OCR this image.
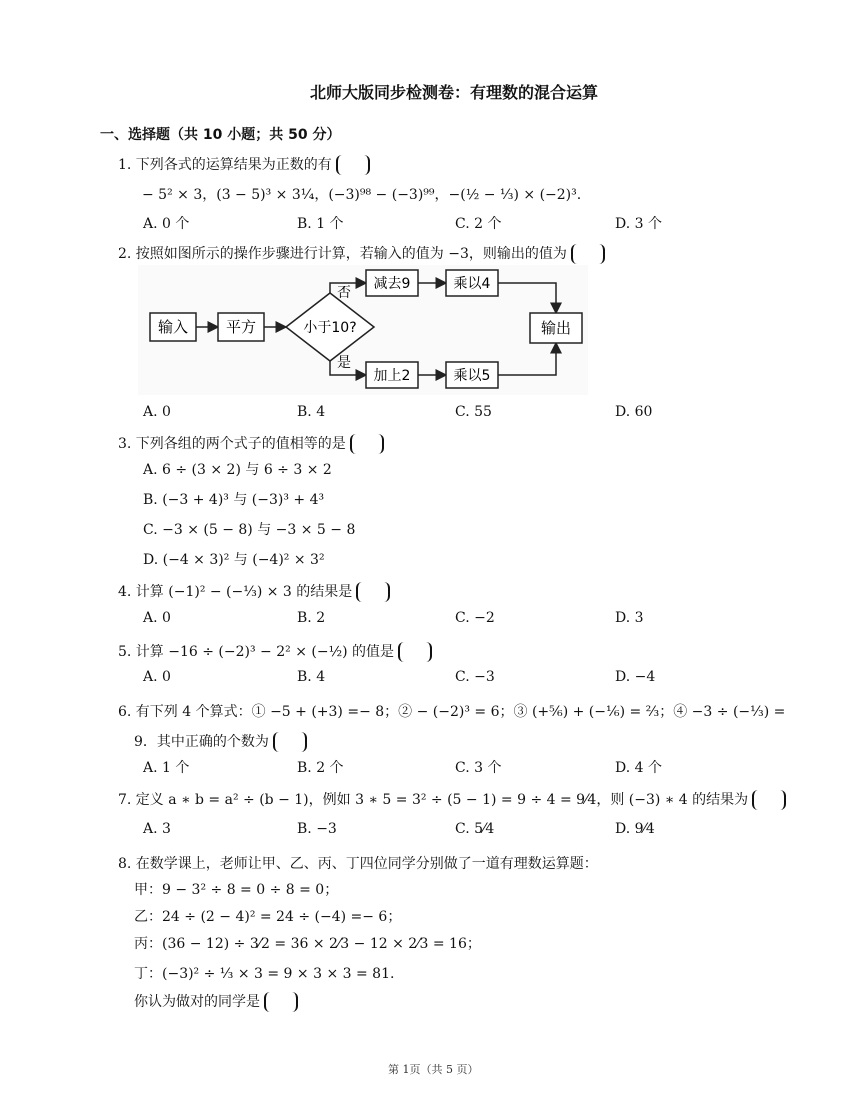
北师大版同步检测卷：有理数的混合运算
一、选择题（共 10 小题；共 50 分）
1. 下列各式的运算结果为正数的有
− 5² × 3，(3 − 5)³ × 3¹⁄₄，(−3)⁹⁸ − (−3)⁹⁹，−(½ − ⅓) × (−2)³.
A. 0 个	B. 1 个	C. 2 个	D. 3 个
2. 按照如图所示的操作步骤进行计算，若输入的值为 −3，则输出的值为
输入	平方	小于10?
否
减去9	乘以4
是
加上2	乘以5
输出
A. 0	B. 4	C. 55	D. 60
3. 下列各组的两个式子的值相等的是
A. 6 ÷ (3 × 2) 与 6 ÷ 3 × 2
B. (−3 + 4)³ 与 (−3)³ + 4³
C. −3 × (5 − 8) 与 −3 × 5 − 8
D. (−4 × 3)² 与 (−4)² × 3²
4. 计算 (−1)² − (−⅓) × 3 的结果是
A. 0	B. 2	C. −2	D. 3
5. 计算 −16 ÷ (−2)³ − 2² × (−½) 的值是
A. 0	B. 4	C. −3	D. −4
6. 有下列 4 个算式：① −5 + (+3) =− 8；② − (−2)³ = 6；③ (+⅚) + (−⅙) = ⅔；④ −3 ÷ (−⅓) =
9．其中正确的个数为
A. 1 个	B. 2 个	C. 3 个	D. 4 个
7. 定义 a ∗ b = a² ÷ (b − 1)，例如 3 ∗ 5 = 3² ÷ (5 − 1) = 9 ÷ 4 = 9⁄4，则 (−3) ∗ 4 的结果为
A. 3	B. −3	C. 5⁄4	D. 9⁄4
8. 在数学课上，老师让甲、乙、丙、丁四位同学分别做了一道有理数运算题：
甲：9 − 3² ÷ 8 = 0 ÷ 8 = 0；
乙：24 ÷ (2 − 4)² = 24 ÷ (−4) =− 6；
丙：(36 − 12) ÷ 3⁄2 = 36 × 2⁄3 − 12 × 2⁄3 = 16；
丁：(−3)² ÷ ⅓ × 3 = 9 × 3 × 3 = 81.
你认为做对的同学是
第 1页（共 5 页）
